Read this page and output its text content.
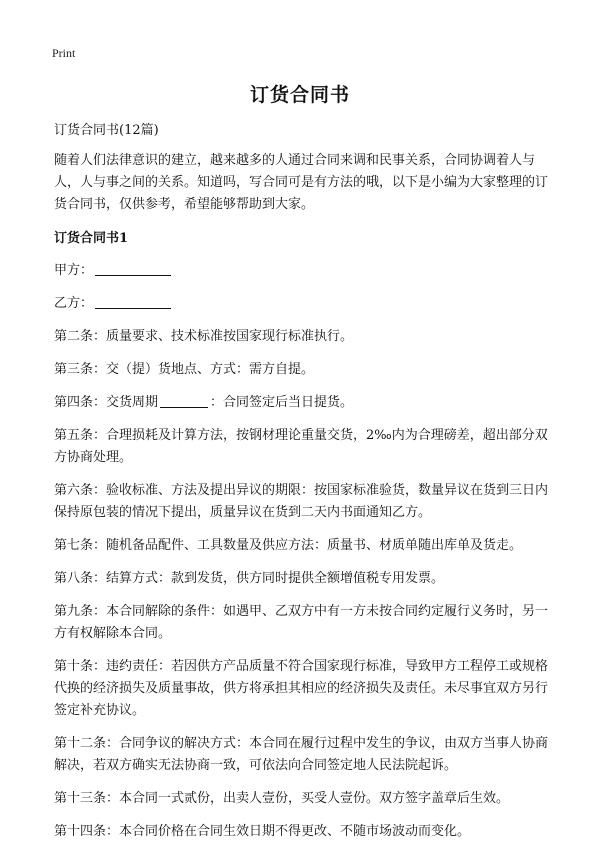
Print
订货合同书

订货合同书(12篇)

随着人们法律意识的建立，越来越多的人通过合同来调和民事关系，合同协调着人与人，人与事之间的关系。知道吗，写合同可是有方法的哦，以下是小编为大家整理的订货合同书，仅供参考，希望能够帮助到大家。

订货合同书1

甲方：

乙方：

第二条：质量要求、技术标准按国家现行标准执行。

第三条：交（提）货地点、方式：需方自提。

第四条：交货周期	：合同签定后当日提货。

第五条：合理损耗及计算方法，按钢材理论重量交货，2‰内为合理磅差，超出部分双方协商处理。

第六条：验收标准、方法及提出异议的期限：按国家标准验货，数量异议在货到三日内保持原包装的情况下提出，质量异议在货到二天内书面通知乙方。

第七条：随机备品配件、工具数量及供应方法：质量书、材质单随出库单及货走。

第八条：结算方式：款到发货，供方同时提供全额增值税专用发票。

第九条：本合同解除的条件：如遇甲、乙双方中有一方未按合同约定履行义务时，另一方有权解除本合同。

第十条：违约责任：若因供方产品质量不符合国家现行标准，导致甲方工程停工或规格代换的经济损失及质量事故，供方将承担其相应的经济损失及责任。未尽事宜双方另行签定补充协议。

第十二条：合同争议的解决方式：本合同在履行过程中发生的争议，由双方当事人协商解决，若双方确实无法协商一致，可依法向合同签定地人民法院起诉。

第十三条：本合同一式贰份，出卖人壹份，买受人壹份。双方签字盖章后生效。

第十四条：本合同价格在合同生效日期不得更改、不随市场波动而变化。
